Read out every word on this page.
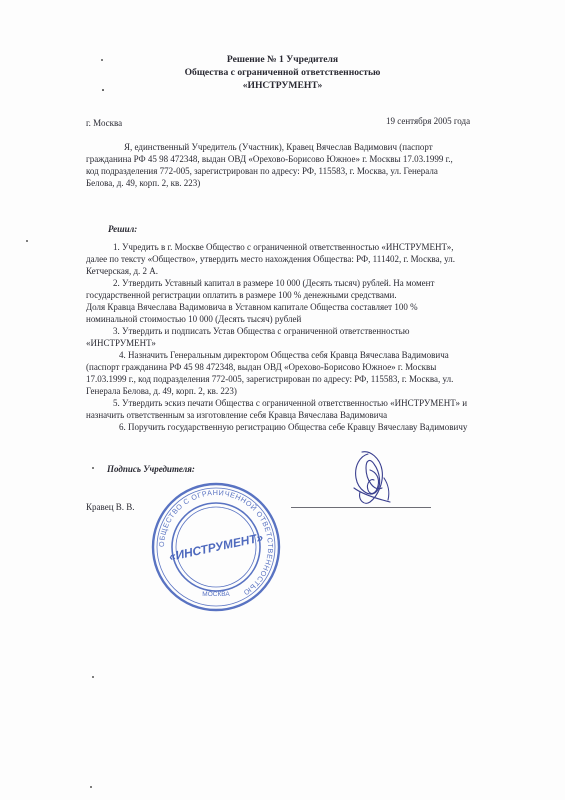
Решение № 1 Учредителя
Общества с ограниченной ответственностью
«ИНСТРУМЕНТ»
г. Москва	19 сентября 2005 года
Я, единственный Учредитель (Участник), Кравец Вячеслав Вадимович (паспорт
гражданина РФ 45 98 472348, выдан ОВД «Орехово-Борисово Южное» г. Москвы 17.03.1999 г.,
код подразделения 772-005, зарегистрирован по адресу: РФ, 115583, г. Москва, ул. Генерала
Белова, д. 49, корп. 2, кв. 223)
Решил:
1. Учредить в г. Москве Общество с ограниченной ответственностью «ИНСТРУМЕНТ»,
далее по тексту «Общество», утвердить место нахождения Общества: РФ, 111402, г. Москва, ул.
Кетчерская, д. 2 А.
2. Утвердить Уставный капитал в размере 10 000 (Десять тысяч) рублей. На момент
государственной регистрации оплатить в размере 100 % денежными средствами.
Доля Кравца Вячеслава Вадимовича в Уставном капитале Общества составляет 100 %
номинальной стоимостью 10 000 (Десять тысяч) рублей
3. Утвердить и подписать Устав Общества с ограниченной ответственностью
«ИНСТРУМЕНТ»
4. Назначить Генеральным директором Общества себя Кравца Вячеслава Вадимовича
(паспорт гражданина РФ 45 98 472348, выдан ОВД «Орехово-Борисово Южное» г. Москвы
17.03.1999 г., код подразделения 772-005, зарегистрирован по адресу: РФ, 115583, г. Москва, ул.
Генерала Белова, д. 49, корп. 2, кв. 223)
5. Утвердить эскиз печати Общества с ограниченной ответственностью «ИНСТРУМЕНТ» и
назначить ответственным за изготовление себя Кравца Вячеслава Вадимовича
6. Поручить государственную регистрацию Общества себе Кравцу Вячеславу Вадимовичу
Подпись Учредителя:
Кравец В. В.
ОБЩЕСТВО С ОГРАНИЧЕННОЙ ОТВЕТСТВЕННОСТЬЮ
МОСКВА
«ИНСТРУМЕНТ»
